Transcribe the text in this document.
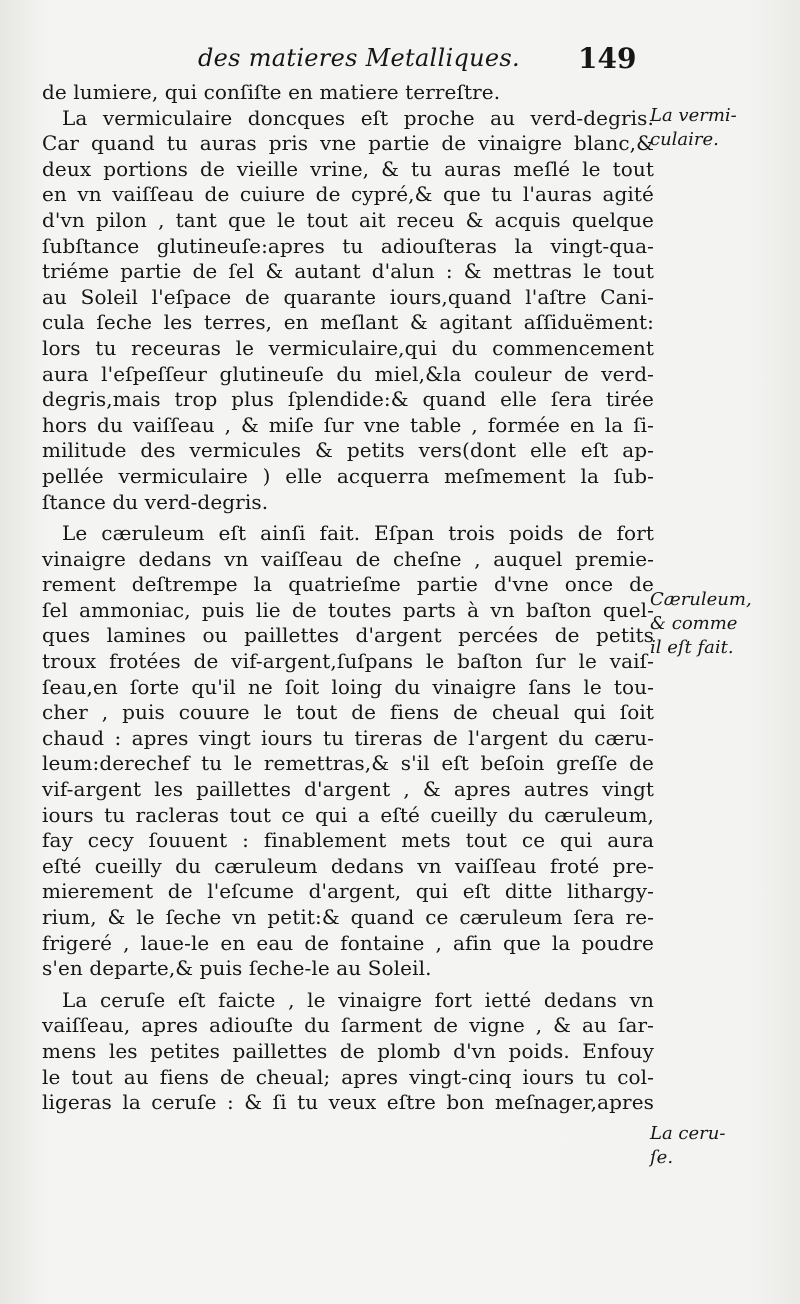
des matieres Metalliques. 149
de lumiere, qui conſiſte en matiere terreſtre.
La vermiculaire doncques eſt proche au verd-degris.
Car quand tu auras pris vne partie de vinaigre blanc,&
deux portions de vieille vrine, & tu auras meſlé le tout
en vn vaiſſeau de cuiure de cypré,& que tu l'auras agité
d'vn pilon , tant que le tout ait receu & acquis quelque
ſubſtance glutineuſe:apres tu adiouſteras la vingt-qua-
triéme partie de ſel & autant d'alun : & mettras le tout
au Soleil l'eſpace de quarante iours,quand l'aſtre Cani-
cula ſeche les terres, en meſlant & agitant aſſiduëment:
lors tu receuras le vermiculaire,qui du commencement
aura l'eſpeſſeur glutineuſe du miel,&la couleur de verd-
degris,mais trop plus ſplendide:& quand elle ſera tirée
hors du vaiſſeau , & miſe ſur vne table , formée en la ſi-
militude des vermicules & petits vers(dont elle eſt ap-
pellée vermiculaire ) elle acquerra meſmement la ſub-
ſtance du verd-degris.
Le cæruleum eſt ainſi fait. Eſpan trois poids de fort
vinaigre dedans vn vaiſſeau de cheſne , auquel premie-
rement deſtrempe la quatrieſme partie d'vne once de
ſel ammoniac, puis lie de toutes parts à vn baſton quel-
ques lamines ou paillettes d'argent percées de petits
troux frotées de vif-argent,ſuſpans le baſton ſur le vaiſ-
ſeau,en ſorte qu'il ne ſoit loing du vinaigre ſans le tou-
cher , puis couure le tout de fiens de cheual qui ſoit
chaud : apres vingt iours tu tireras de l'argent du cæru-
leum:derechef tu le remettras,& s'il eſt beſoin greſſe de
vif-argent les paillettes d'argent , & apres autres vingt
iours tu racleras tout ce qui a eſté cueilly du cæruleum,
fay cecy ſouuent : finablement mets tout ce qui aura
eſté cueilly du cæruleum dedans vn vaiſſeau froté pre-
mierement de l'eſcume d'argent, qui eſt ditte lithargy-
rium, & le ſeche vn petit:& quand ce cæruleum ſera re-
frigeré , laue-le en eau de fontaine , afin que la poudre
s'en departe,& puis ſeche-le au Soleil.
La ceruſe eſt faicte , le vinaigre fort ietté dedans vn
vaiſſeau, apres adiouſte du ſarment de vigne , & au ſar-
mens les petites paillettes de plomb d'vn poids. Enfouy
le tout au fiens de cheual; apres vingt-cinq iours tu col-
ligeras la ceruſe : & ſi tu veux eſtre bon meſnager,apres
La vermi-
culaire.
Cæruleum,
& comme
il eſt fait.
La ceru-
ſe.
